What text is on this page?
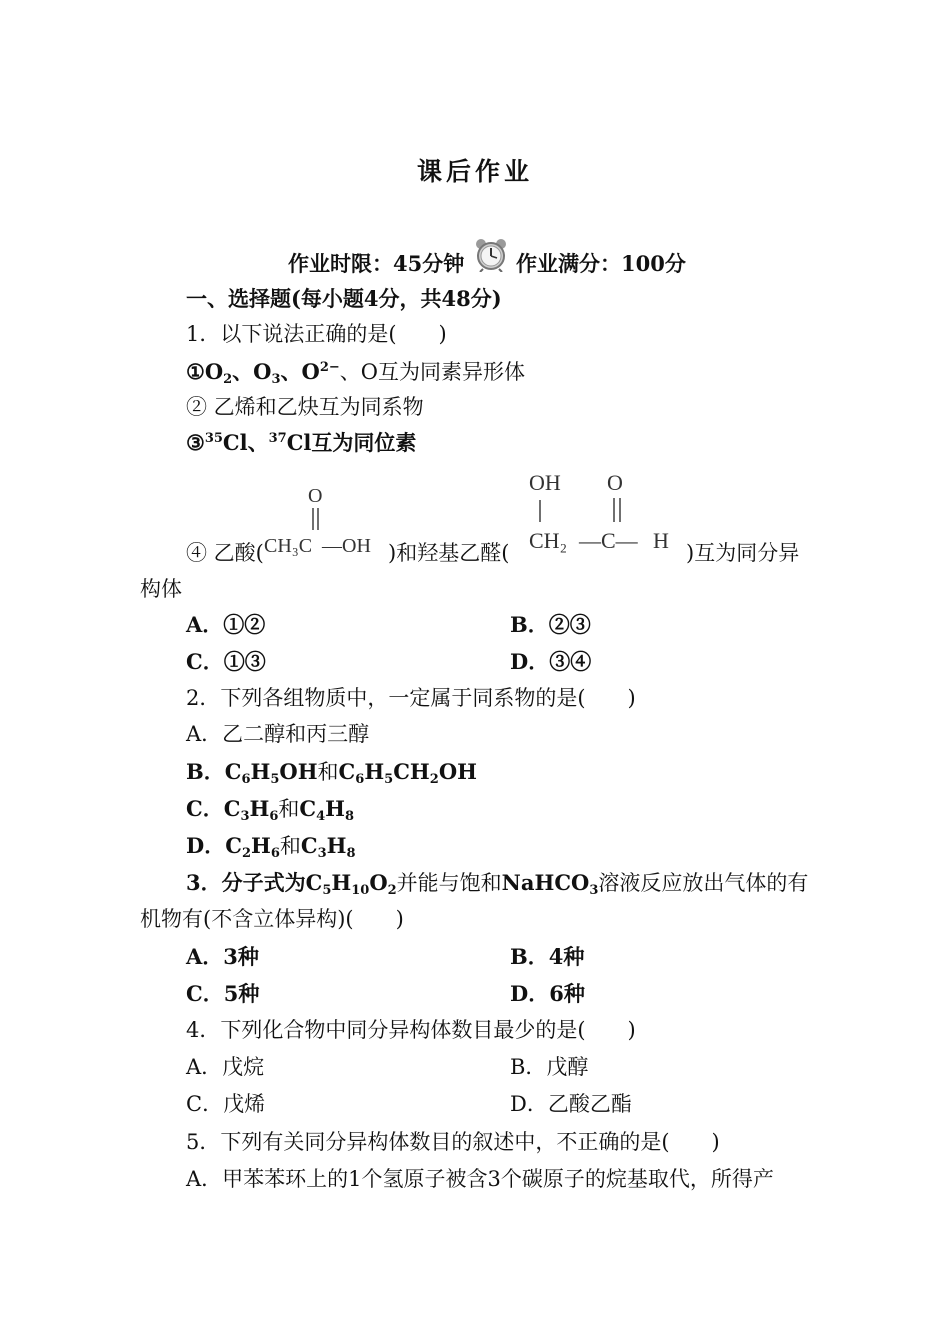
课后作业
作业时限：45分钟 作业满分：100分
一、选择题(每小题4分，共48分)
1．以下说法正确的是(　　)
$①O_2$、$O_3$、$O^{2-}$、O互为同素异形体
② 乙烯和乙炔互为同系物
③$^{35}$Cl、$^{37}$Cl互为同位素
④ 乙酸(
O
CH₃C —OH )和羟基乙醛(
OH O
CH₂ —C— H )互为同分异
构体
A．①②	B．②③
C．①③	D．③④
2．下列各组物质中，一定属于同系物的是(　　)
A．乙二醇和丙三醇
B．$C_6H_5OH$和$C_6H_5CH_2OH$
C．$C_3H_6$和$C_4H_8$
D．$C_2H_6$和$C_3H_8$
3．分子式为$C_5H_{10}O_2$并能与饱和NaHCO$_3$溶液反应放出气体的有
机物有(不含立体异构)(　　)
A．3种	B．4种
C．5种	D．6种
4．下列化合物中同分异构体数目最少的是(　　)
A．戊烷	B．戊醇
C．戊烯	D．乙酸乙酯
5．下列有关同分异构体数目的叙述中，不正确的是(　　)
A．甲苯苯环上的1个氢原子被含3个碳原子的烷基取代，所得产
